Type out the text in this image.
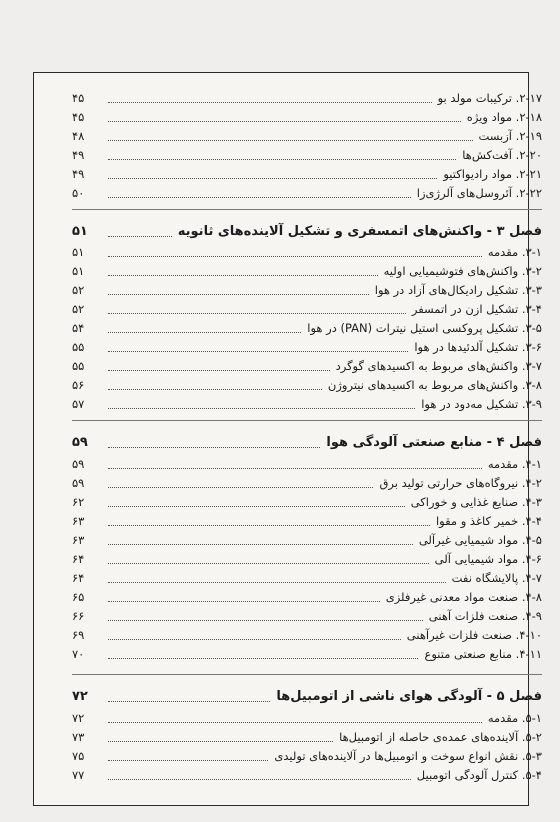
۲-۱۷. ترکیبات مولد بو
۴۵
۲-۱۸. مواد ویژه
۴۵
۲-۱۹. آزبست
۴۸
۲-۲۰. آفت‌کش‌ها
۴۹
۲-۲۱. مواد رادیواکتیو
۴۹
۲-۲۲. آئروسل‌های آلرژی‌زا
۵۰
فصل ۳ - واکنش‌های اتمسفری و تشکیل آلاینده‌های ثانویه
۵۱
۳-۱. مقدمه
۵۱
۳-۲. واکنش‌های فتوشیمیایی اولیه
۵۱
۳-۳. تشکیل رادیکال‌های آزاد در هوا
۵۲
۳-۴. تشکیل ازن در اتمسفر
۵۲
۳-۵. تشکیل پروکسی استیل نیترات (PAN) در هوا
۵۴
۳-۶. تشکیل آلدئیدها در هوا
۵۵
۳-۷. واکنش‌های مربوط به اکسیدهای گوگرد
۵۵
۳-۸. واکنش‌های مربوط به اکسیدهای نیتروژن
۵۶
۳-۹. تشکیل مه‌دود در هوا
۵۷
فصل ۴ - منابع صنعتی آلودگی هوا
۵۹
۴-۱. مقدمه
۵۹
۴-۲. نیروگاه‌های حرارتی تولید برق
۵۹
۴-۳. صنایع غذایی و خوراکی
۶۲
۴-۴. خمیر کاغذ و مقوا
۶۳
۴-۵. مواد شیمیایی غیرآلی
۶۳
۴-۶. مواد شیمیایی آلی
۶۴
۴-۷. پالایشگاه نفت
۶۴
۴-۸. صنعت مواد معدنی غیرفلزی
۶۵
۴-۹. صنعت فلزات آهنی
۶۶
۴-۱۰. صنعت فلزات غیرآهنی
۶۹
۴-۱۱. منابع صنعتی متنوع
۷۰
فصل ۵ - آلودگی هوای ناشی از اتومبیل‌ها
۷۲
۵-۱. مقدمه
۷۲
۵-۲. آلاینده‌های عمده‌ی حاصله از اتومبیل‌ها
۷۳
۵-۳. نقش انواع سوخت و اتومبیل‌ها در آلاینده‌های تولیدی
۷۵
۵-۴. کنترل آلودگی اتومبیل
۷۷
